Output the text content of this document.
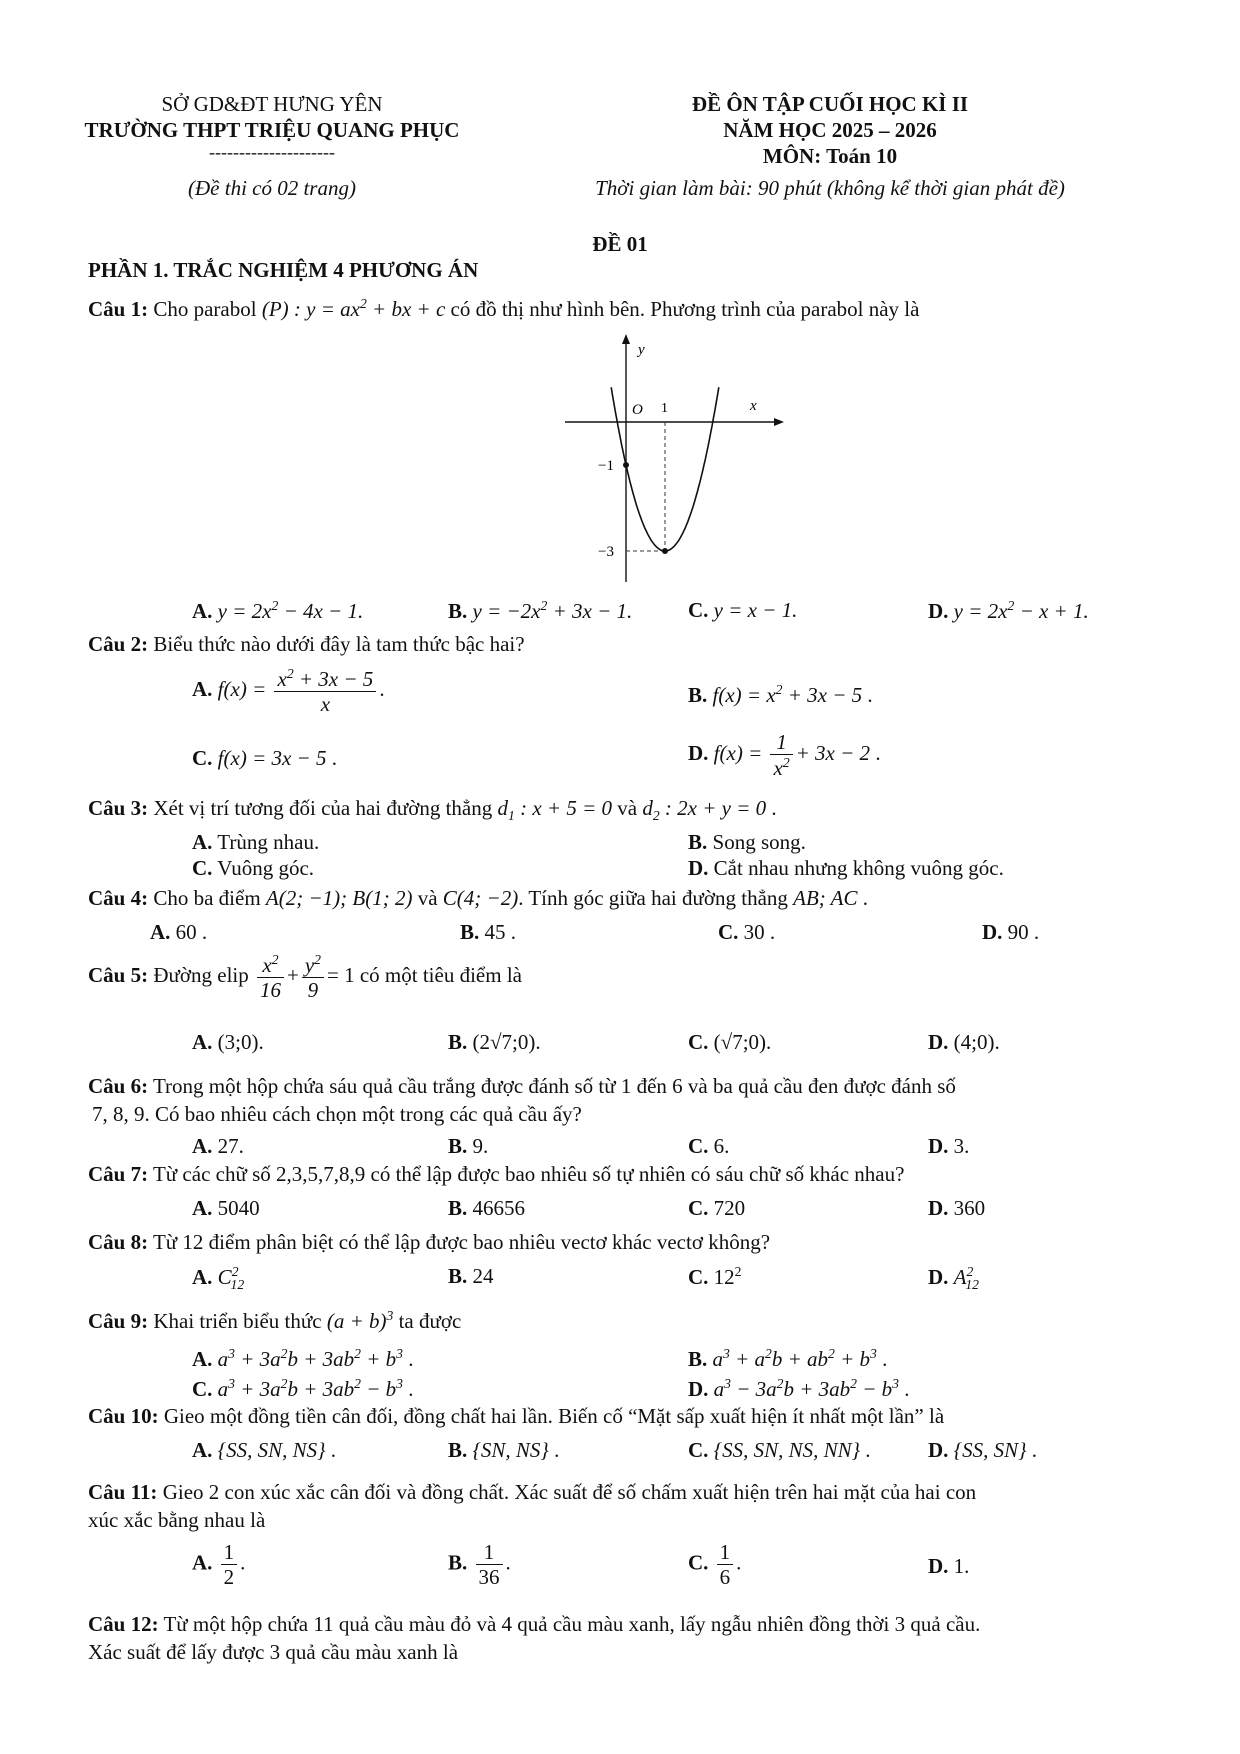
SỞ GD&ĐT HƯNG YÊN
TRƯỜNG THPT TRIỆU QUANG PHỤC
---------------------
(Đề thi có 02 trang)
ĐỀ ÔN TẬP CUỐI HỌC KÌ II
NĂM HỌC 2025 – 2026
MÔN: Toán 10
Thời gian làm bài: 90 phút (không kể thời gian phát đề)
ĐỀ 01
PHẦN 1. TRẮC NGHIỆM 4 PHƯƠNG ÁN
Câu 1: Cho parabol (P) : $y = ax^2$ + bx + c có đồ thị như hình bên. Phương trình của parabol này là
y
x
O 1
−1
−3
A. $y = 2x^2 - 4x - 1$.	B. $y = -2x^2 + 3x - 1$.	C. y = x − 1.	D. $y = 2x^2 - x + 1$.
Câu 2: Biểu thức nào dưới đây là tam thức bậc hai?
A. $f(x) = \frac{x^2 + 3x - 5}{x}$ .	B. $f(x) = x^2 + 3x - 5$ .
C. f(x) = 3x − 5 .	D. $f(x) = \frac{1}{x^2} + 3x - 2$ .
Câu 3: Xét vị trí tương đối của hai đường thẳng $d_1$ : x + 5 = 0 và $d_2$ : 2x + y = 0 .
A. Trùng nhau.	B. Song song.
C. Vuông góc.	D. Cắt nhau nhưng không vuông góc.
Câu 4: Cho ba điểm A(2; −1); B(1; 2) và C(4; −2). Tính góc giữa hai đường thẳng AB; AC .
A. 60 .	B. 45 .	C. 30 .	D. 90 .
Câu 5: Đường elip $\frac{x^2}{16} + \frac{y^2}{9} = 1$ có một tiêu điểm là
A. (3;0).	B. (2√7;0).	C. (√7;0).	D. (4;0).
Câu 6: Trong một hộp chứa sáu quả cầu trắng được đánh số từ 1 đến 6 và ba quả cầu đen được đánh số
7, 8, 9. Có bao nhiêu cách chọn một trong các quả cầu ấy?
A. 27.	B. 9.	C. 6.	D. 3.
Câu 7: Từ các chữ số 2,3,5,7,8,9 có thể lập được bao nhiêu số tự nhiên có sáu chữ số khác nhau?
A. 5040	B. 46656	C. 720	D. 360
Câu 8: Từ 12 điểm phân biệt có thể lập được bao nhiêu vectơ khác vectơ không?
A. $C^2_{12}$	B. 24	C. $12^2$	D. $A^2_{12}$
Câu 9: Khai triển biểu thức $(a + b)^3$ ta được
A. $a^3 + 3a^2b + 3ab^2 + b^3$ .	B. $a^3 + a^2b + ab^2 + b^3$ .
C. $a^3 + 3a^2b + 3ab^2 - b^3$ .	D. $a^3 - 3a^2b + 3ab^2 - b^3$ .
Câu 10: Gieo một đồng tiền cân đối, đồng chất hai lần. Biến cố “Mặt sấp xuất hiện ít nhất một lần” là
A. {SS, SN, NS} .	B. {SN, NS} .	C. {SS, SN, NS, NN} .	D. {SS, SN} .
Câu 11: Gieo 2 con xúc xắc cân đối và đồng chất. Xác suất để số chấm xuất hiện trên hai mặt của hai con
xúc xắc bằng nhau là
A. $\frac{1}{2}$ .	B. $\frac{1}{36}$ .	C. $\frac{1}{6}$ .	D. 1.
Câu 12: Từ một hộp chứa 11 quả cầu màu đỏ và 4 quả cầu màu xanh, lấy ngẫu nhiên đồng thời 3 quả cầu.
Xác suất để lấy được 3 quả cầu màu xanh là
